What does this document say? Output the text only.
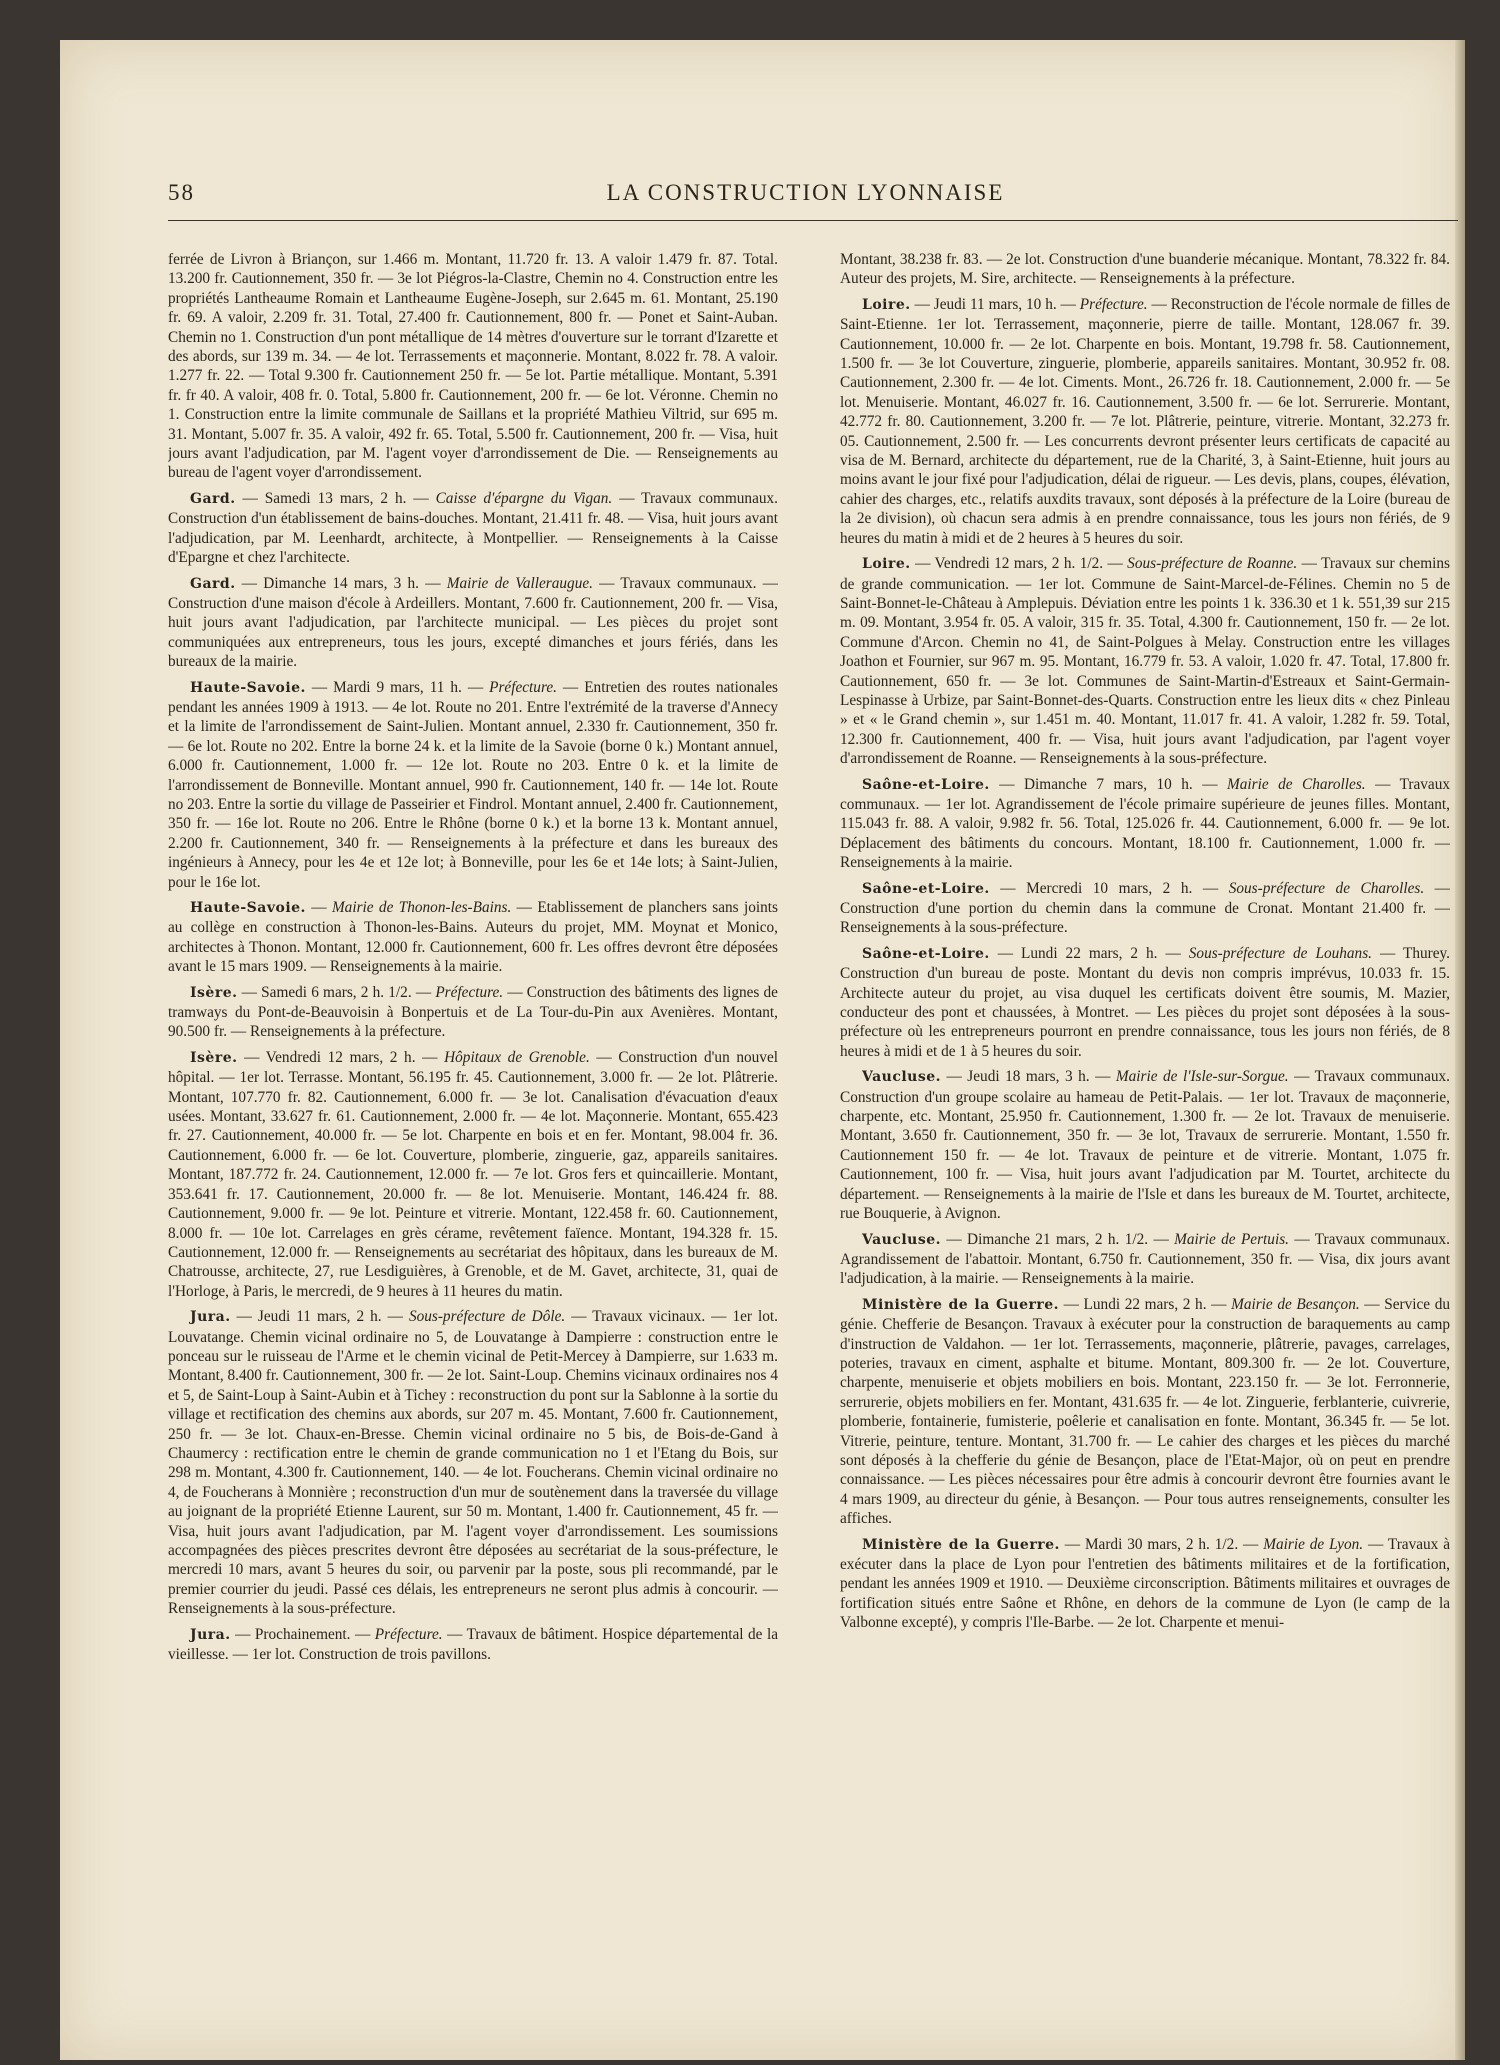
58	LA CONSTRUCTION LYONNAISE

ferrée de Livron à Briançon, sur 1.466 m. Montant, 11.720 fr. 13. A valoir 1.479 fr. 87. Total. 13.200 fr. Cautionnement, 350 fr. — 3e lot Piégros-la-Clastre, Chemin no 4. Construction entre les propriétés Lantheaume Romain et Lantheaume Eugène-Joseph, sur 2.645 m. 61. Montant, 25.190 fr. 69. A valoir, 2.209 fr. 31. Total, 27.400 fr. Cautionnement, 800 fr. — Ponet et Saint-Auban. Chemin no 1. Construction d'un pont métallique de 14 mètres d'ouverture sur le torrant d'Izarette et des abords, sur 139 m. 34. — 4e lot. Terrassements et maçonnerie. Montant, 8.022 fr. 78. A valoir. 1.277 fr. 22. — Total 9.300 fr. Cautionnement 250 fr. — 5e lot. Partie métallique. Montant, 5.391 fr. fr 40. A valoir, 408 fr. 0. Total, 5.800 fr. Cautionnement, 200 fr. — 6e lot. Véronne. Chemin no 1. Construction entre la limite communale de Saillans et la propriété Mathieu Viltrid, sur 695 m. 31. Montant, 5.007 fr. 35. A valoir, 492 fr. 65. Total, 5.500 fr. Cautionnement, 200 fr. — Visa, huit jours avant l'adjudication, par M. l'agent voyer d'arrondissement de Die. — Renseignements au bureau de l'agent voyer d'arrondissement.

Gard. — Samedi 13 mars, 2 h. — Caisse d'épargne du Vigan. — Travaux communaux. Construction d'un établissement de bains-douches. Montant, 21.411 fr. 48. — Visa, huit jours avant l'adjudication, par M. Leenhardt, architecte, à Montpellier. — Renseignements à la Caisse d'Epargne et chez l'architecte.

Gard. — Dimanche 14 mars, 3 h. — Mairie de Valleraugue. — Travaux communaux. — Construction d'une maison d'école à Ardeillers. Montant, 7.600 fr. Cautionnement, 200 fr. — Visa, huit jours avant l'adjudication, par l'architecte municipal. — Les pièces du projet sont communiquées aux entrepreneurs, tous les jours, excepté dimanches et jours fériés, dans les bureaux de la mairie.

Haute-Savoie. — Mardi 9 mars, 11 h. — Préfecture. — Entretien des routes nationales pendant les années 1909 à 1913. — 4e lot. Route no 201. Entre l'extrémité de la traverse d'Annecy et la limite de l'arrondissement de Saint-Julien. Montant annuel, 2.330 fr. Cautionnement, 350 fr. — 6e lot. Route no 202. Entre la borne 24 k. et la limite de la Savoie (borne 0 k.) Montant annuel, 6.000 fr. Cautionnement, 1.000 fr. — 12e lot. Route no 203. Entre 0 k. et la limite de l'arrondissement de Bonneville. Montant annuel, 990 fr. Cautionnement, 140 fr. — 14e lot. Route no 203. Entre la sortie du village de Passeirier et Findrol. Montant annuel, 2.400 fr. Cautionnement, 350 fr. — 16e lot. Route no 206. Entre le Rhône (borne 0 k.) et la borne 13 k. Montant annuel, 2.200 fr. Cautionnement, 340 fr. — Renseignements à la préfecture et dans les bureaux des ingénieurs à Annecy, pour les 4e et 12e lot; à Bonneville, pour les 6e et 14e lots; à Saint-Julien, pour le 16e lot.

Haute-Savoie. — Mairie de Thonon-les-Bains. — Etablissement de planchers sans joints au collège en construction à Thonon-les-Bains. Auteurs du projet, MM. Moynat et Monico, architectes à Thonon. Montant, 12.000 fr. Cautionnement, 600 fr. Les offres devront être déposées avant le 15 mars 1909. — Renseignements à la mairie.

Isère. — Samedi 6 mars, 2 h. 1/2. — Préfecture. — Construction des bâtiments des lignes de tramways du Pont-de-Beauvoisin à Bonpertuis et de La Tour-du-Pin aux Avenières. Montant, 90.500 fr. — Renseignements à la préfecture.

Isère. — Vendredi 12 mars, 2 h. — Hôpitaux de Grenoble. — Construction d'un nouvel hôpital. — 1er lot. Terrasse. Montant, 56.195 fr. 45. Cautionnement, 3.000 fr. — 2e lot. Plâtrerie. Montant, 107.770 fr. 82. Cautionnement, 6.000 fr. — 3e lot. Canalisation d'évacuation d'eaux usées. Montant, 33.627 fr. 61. Cautionnement, 2.000 fr. — 4e lot. Maçonnerie. Montant, 655.423 fr. 27. Cautionnement, 40.000 fr. — 5e lot. Charpente en bois et en fer. Montant, 98.004 fr. 36. Cautionnement, 6.000 fr. — 6e lot. Couverture, plomberie, zinguerie, gaz, appareils sanitaires. Montant, 187.772 fr. 24. Cautionnement, 12.000 fr. — 7e lot. Gros fers et quincaillerie. Montant, 353.641 fr. 17. Cautionnement, 20.000 fr. — 8e lot. Menuiserie. Montant, 146.424 fr. 88. Cautionnement, 9.000 fr. — 9e lot. Peinture et vitrerie. Montant, 122.458 fr. 60. Cautionnement, 8.000 fr. — 10e lot. Carrelages en grès cérame, revêtement faïence. Montant, 194.328 fr. 15. Cautionnement, 12.000 fr. — Renseignements au secrétariat des hôpitaux, dans les bureaux de M. Chatrousse, architecte, 27, rue Lesdiguières, à Grenoble, et de M. Gavet, architecte, 31, quai de l'Horloge, à Paris, le mercredi, de 9 heures à 11 heures du matin.

Jura. — Jeudi 11 mars, 2 h. — Sous-préfecture de Dôle. — Travaux vicinaux. — 1er lot. Louvatange. Chemin vicinal ordinaire no 5, de Louvatange à Dampierre : construction entre le ponceau sur le ruisseau de l'Arme et le chemin vicinal de Petit-Mercey à Dampierre, sur 1.633 m. Montant, 8.400 fr. Cautionnement, 300 fr. — 2e lot. Saint-Loup. Chemins vicinaux ordinaires nos 4 et 5, de Saint-Loup à Saint-Aubin et à Tichey : reconstruction du pont sur la Sablonne à la sortie du village et rectification des chemins aux abords, sur 207 m. 45. Montant, 7.600 fr. Cautionnement, 250 fr. — 3e lot. Chaux-en-Bresse. Chemin vicinal ordinaire no 5 bis, de Bois-de-Gand à Chaumercy : rectification entre le chemin de grande communication no 1 et l'Etang du Bois, sur 298 m. Montant, 4.300 fr. Cautionnement, 140. — 4e lot. Foucherans. Chemin vicinal ordinaire no 4, de Foucherans à Monnière ; reconstruction d'un mur de soutènement dans la traversée du village au joignant de la propriété Etienne Laurent, sur 50 m. Montant, 1.400 fr. Cautionnement, 45 fr. — Visa, huit jours avant l'adjudication, par M. l'agent voyer d'arrondissement. Les soumissions accompagnées des pièces prescrites devront être déposées au secrétariat de la sous-préfecture, le mercredi 10 mars, avant 5 heures du soir, ou parvenir par la poste, sous pli recommandé, par le premier courrier du jeudi. Passé ces délais, les entrepreneurs ne seront plus admis à concourir. — Renseignements à la sous-préfecture.

Jura. — Prochainement. — Préfecture. — Travaux de bâtiment. Hospice départemental de la vieillesse. — 1er lot. Construction de trois pavillons.

Montant, 38.238 fr. 83. — 2e lot. Construction d'une buanderie mécanique. Montant, 78.322 fr. 84. Auteur des projets, M. Sire, architecte. — Renseignements à la préfecture.

Loire. — Jeudi 11 mars, 10 h. — Préfecture. — Reconstruction de l'école normale de filles de Saint-Etienne. 1er lot. Terrassement, maçonnerie, pierre de taille. Montant, 128.067 fr. 39. Cautionnement, 10.000 fr. — 2e lot. Charpente en bois. Montant, 19.798 fr. 58. Cautionnement, 1.500 fr. — 3e lot Couverture, zinguerie, plomberie, appareils sanitaires. Montant, 30.952 fr. 08. Cautionnement, 2.300 fr. — 4e lot. Ciments. Mont., 26.726 fr. 18. Cautionnement, 2.000 fr. — 5e lot. Menuiserie. Montant, 46.027 fr. 16. Cautionnement, 3.500 fr. — 6e lot. Serrurerie. Montant, 42.772 fr. 80. Cautionnement, 3.200 fr. — 7e lot. Plâtrerie, peinture, vitrerie. Montant, 32.273 fr. 05. Cautionnement, 2.500 fr. — Les concurrents devront présenter leurs certificats de capacité au visa de M. Bernard, architecte du département, rue de la Charité, 3, à Saint-Etienne, huit jours au moins avant le jour fixé pour l'adjudication, délai de rigueur. — Les devis, plans, coupes, élévation, cahier des charges, etc., relatifs auxdits travaux, sont déposés à la préfecture de la Loire (bureau de la 2e division), où chacun sera admis à en prendre connaissance, tous les jours non fériés, de 9 heures du matin à midi et de 2 heures à 5 heures du soir.

Loire. — Vendredi 12 mars, 2 h. 1/2. — Sous-préfecture de Roanne. — Travaux sur chemins de grande communication. — 1er lot. Commune de Saint-Marcel-de-Félines. Chemin no 5 de Saint-Bonnet-le-Château à Amplepuis. Déviation entre les points 1 k. 336.30 et 1 k. 551,39 sur 215 m. 09. Montant, 3.954 fr. 05. A valoir, 315 fr. 35. Total, 4.300 fr. Cautionnement, 150 fr. — 2e lot. Commune d'Arcon. Chemin no 41, de Saint-Polgues à Melay. Construction entre les villages Joathon et Fournier, sur 967 m. 95. Montant, 16.779 fr. 53. A valoir, 1.020 fr. 47. Total, 17.800 fr. Cautionnement, 650 fr. — 3e lot. Communes de Saint-Martin-d'Estreaux et Saint-Germain-Lespinasse à Urbize, par Saint-Bonnet-des-Quarts. Construction entre les lieux dits « chez Pinleau » et « le Grand chemin », sur 1.451 m. 40. Montant, 11.017 fr. 41. A valoir, 1.282 fr. 59. Total, 12.300 fr. Cautionnement, 400 fr. — Visa, huit jours avant l'adjudication, par l'agent voyer d'arrondissement de Roanne. — Renseignements à la sous-préfecture.

Saône-et-Loire. — Dimanche 7 mars, 10 h. — Mairie de Charolles. — Travaux communaux. — 1er lot. Agrandissement de l'école primaire supérieure de jeunes filles. Montant, 115.043 fr. 88. A valoir, 9.982 fr. 56. Total, 125.026 fr. 44. Cautionnement, 6.000 fr. — 9e lot. Déplacement des bâtiments du concours. Montant, 18.100 fr. Cautionnement, 1.000 fr. — Renseignements à la mairie.

Saône-et-Loire. — Mercredi 10 mars, 2 h. — Sous-préfecture de Charolles. — Construction d'une portion du chemin dans la commune de Cronat. Montant 21.400 fr. — Renseignements à la sous-préfecture.

Saône-et-Loire. — Lundi 22 mars, 2 h. — Sous-préfecture de Louhans. — Thurey. Construction d'un bureau de poste. Montant du devis non compris imprévus, 10.033 fr. 15. Architecte auteur du projet, au visa duquel les certificats doivent être soumis, M. Mazier, conducteur des pont et chaussées, à Montret. — Les pièces du projet sont déposées à la sous-préfecture où les entrepreneurs pourront en prendre connaissance, tous les jours non fériés, de 8 heures à midi et de 1 à 5 heures du soir.

Vaucluse. — Jeudi 18 mars, 3 h. — Mairie de l'Isle-sur-Sorgue. — Travaux communaux. Construction d'un groupe scolaire au hameau de Petit-Palais. — 1er lot. Travaux de maçonnerie, charpente, etc. Montant, 25.950 fr. Cautionnement, 1.300 fr. — 2e lot. Travaux de menuiserie. Montant, 3.650 fr. Cautionnement, 350 fr. — 3e lot, Travaux de serrurerie. Montant, 1.550 fr. Cautionnement 150 fr. — 4e lot. Travaux de peinture et de vitrerie. Montant, 1.075 fr. Cautionnement, 100 fr. — Visa, huit jours avant l'adjudication par M. Tourtet, architecte du département. — Renseignements à la mairie de l'Isle et dans les bureaux de M. Tourtet, architecte, rue Bouquerie, à Avignon.

Vaucluse. — Dimanche 21 mars, 2 h. 1/2. — Mairie de Pertuis. — Travaux communaux. Agrandissement de l'abattoir. Montant, 6.750 fr. Cautionnement, 350 fr. — Visa, dix jours avant l'adjudication, à la mairie. — Renseignements à la mairie.

Ministère de la Guerre. — Lundi 22 mars, 2 h. — Mairie de Besançon. — Service du génie. Chefferie de Besançon. Travaux à exécuter pour la construction de baraquements au camp d'instruction de Valdahon. — 1er lot. Terrassements, maçonnerie, plâtrerie, pavages, carrelages, poteries, travaux en ciment, asphalte et bitume. Montant, 809.300 fr. — 2e lot. Couverture, charpente, menuiserie et objets mobiliers en bois. Montant, 223.150 fr. — 3e lot. Ferronnerie, serrurerie, objets mobiliers en fer. Montant, 431.635 fr. — 4e lot. Zinguerie, ferblanterie, cuivrerie, plomberie, fontainerie, fumisterie, poêlerie et canalisation en fonte. Montant, 36.345 fr. — 5e lot. Vitrerie, peinture, tenture. Montant, 31.700 fr. — Le cahier des charges et les pièces du marché sont déposés à la chefferie du génie de Besançon, place de l'Etat-Major, où on peut en prendre connaissance. — Les pièces nécessaires pour être admis à concourir devront être fournies avant le 4 mars 1909, au directeur du génie, à Besançon. — Pour tous autres renseignements, consulter les affiches.

Ministère de la Guerre. — Mardi 30 mars, 2 h. 1/2. — Mairie de Lyon. — Travaux à exécuter dans la place de Lyon pour l'entretien des bâtiments militaires et de la fortification, pendant les années 1909 et 1910. — Deuxième circonscription. Bâtiments militaires et ouvrages de fortification situés entre Saône et Rhône, en dehors de la commune de Lyon (le camp de la Valbonne excepté), y compris l'Ile-Barbe. — 2e lot. Charpente et menui-
